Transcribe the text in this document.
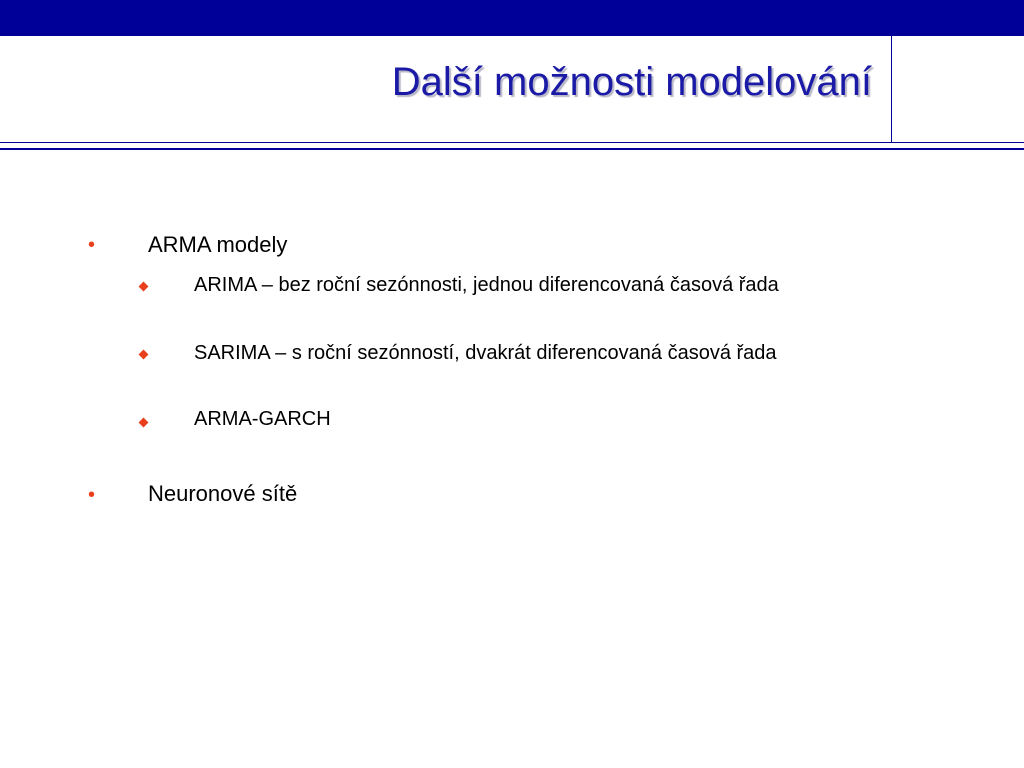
Další možnosti modelování
• ARMA modely
ARIMA – bez roční sezónnosti, jednou diferencovaná časová řada
SARIMA – s roční sezónností, dvakrát diferencovaná časová řada
ARMA-GARCH
• Neuronové sítě
